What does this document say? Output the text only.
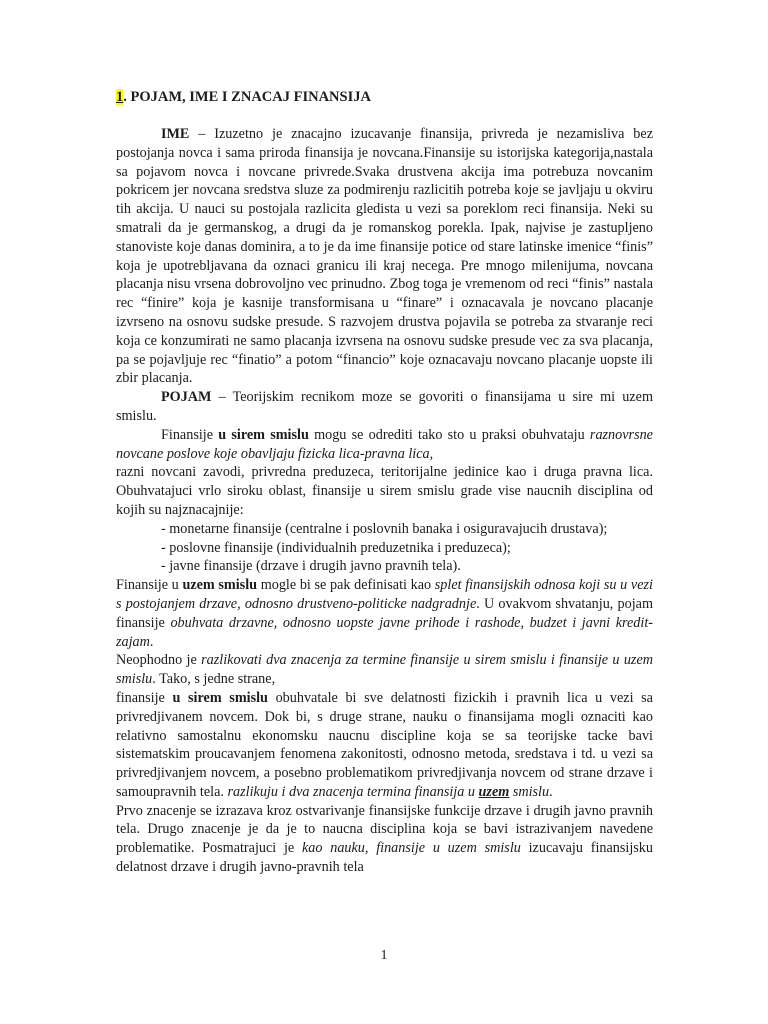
1. POJAM, IME I ZNACAJ FINANSIJA

IME – Izuzetno je znacajno izucavanje finansija, privreda je nezamisliva bez postojanja novca i sama priroda finansija je novcana.Finansije su istorijska kategorija,nastala sa pojavom novca i novcane privrede.Svaka drustvena akcija ima potrebuza novcanim pokricem jer novcana sredstva sluze za podmirenju razlicitih potreba koje se javljaju u okviru tih akcija. U nauci su postojala razlicita gledista u vezi sa poreklom reci finansija. Neki su smatrali da je germanskog, a drugi da je romanskog porekla. Ipak, najvise je zastupljeno stanoviste koje danas dominira, a to je da ime finansije potice od stare latinske imenice “finis” koja je upotrebljavana da oznaci granicu ili kraj necega. Pre mnogo milenijuma, novcana placanja nisu vrsena dobrovoljno vec prinudno. Zbog toga je vremenom od reci “finis” nastala rec “finire” koja je kasnije transformisana u “finare” i oznacavala je novcano placanje izvrseno na osnovu sudske presude. S razvojem drustva pojavila se potreba za stvaranje reci koja ce konzumirati ne samo placanja izvrsena na osnovu sudske presude vec za sva placanja, pa se pojavljuje rec “finatio” a potom “financio” koje oznacavaju novcano placanje uopste ili zbir placanja.

POJAM – Teorijskim recnikom moze se govoriti o finansijama u sire mi uzem smislu.

Finansije u sirem smislu mogu se odrediti tako sto u praksi obuhvataju raznovrsne novcane poslove koje obavljaju fizicka lica-pravna lica,

razni novcani zavodi, privredna preduzeca, teritorijalne jedinice kao i druga pravna lica. Obuhvatajuci vrlo siroku oblast, finansije u sirem smislu grade vise naucnih disciplina od kojih su najznacajnije:

- monetarne finansije (centralne i poslovnih banaka i osiguravajucih drustava);

- poslovne finansije (individualnih preduzetnika i preduzeca);

- javne finansije (drzave i drugih javno pravnih tela).

Finansije u uzem smislu mogle bi se pak definisati kao splet finansijskih odnosa koji su u vezi s postojanjem drzave, odnosno drustveno-politicke nadgradnje. U ovakvom shvatanju, pojam finansije obuhvata drzavne, odnosno uopste javne prihode i rashode, budzet i javni kredit-zajam.

Neophodno je razlikovati dva znacenja za termine finansije u sirem smislu i finansije u uzem smislu. Tako, s jedne strane,

finansije u sirem smislu obuhvatale bi sve delatnosti fizickih i pravnih lica u vezi sa privredjivanem novcem. Dok bi, s druge strane, nauku o finansijama mogli oznaciti kao relativno samostalnu ekonomsku naucnu discipline koja se sa teorijske tacke bavi sistematskim proucavanjem fenomena zakonitosti, odnosno metoda, sredstava i td. u vezi sa privredjivanjem novcem, a posebno problematikom privredjivanja novcem od strane drzave i samoupravnih tela. razlikuju i dva znacenja termina finansija u uzem smislu.

Prvo znacenje se izrazava kroz ostvarivanje finansijske funkcije drzave i drugih javno pravnih tela. Drugo znacenje je da je to naucna disciplina koja se bavi istrazivanjem navedene problematike. Posmatrajuci je kao nauku, finansije u uzem smislu izucavaju finansijsku delatnost drzave i drugih javno-pravnih tela

1
